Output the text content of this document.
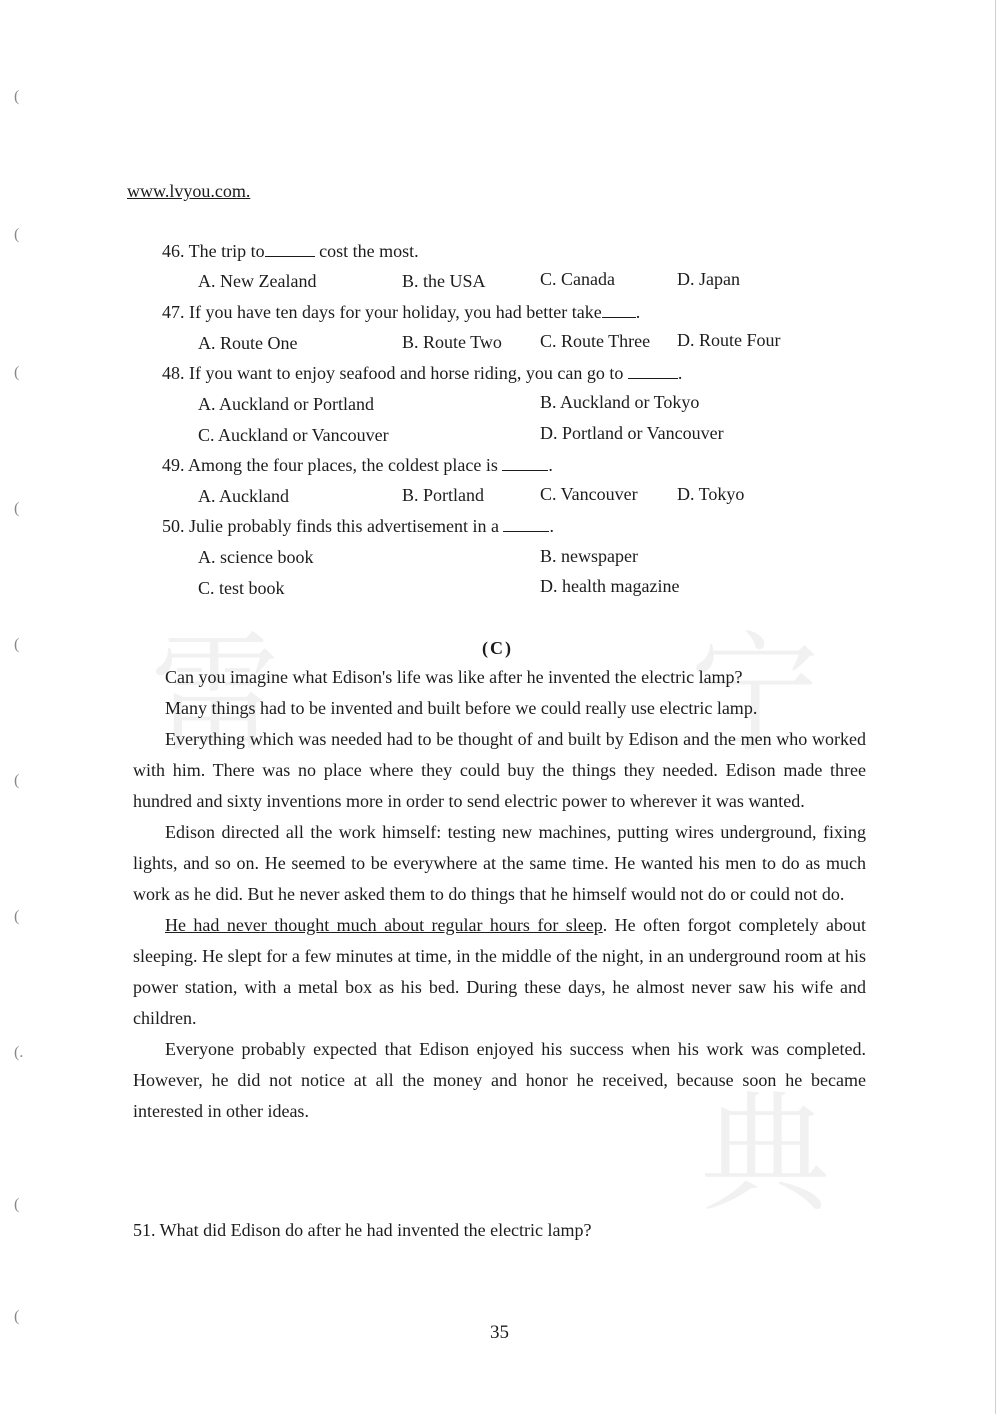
(
(
(
(
(
(
(
(.
(
(
雷	宁
典
www.lvyou.com.
46. The trip to	cost the most.
A. New Zealand	B. the USA	C. Canada	D. Japan
47. If you have ten days for your holiday, you had better take .
A. Route One	B. Route Two C. Route Three D. Route Four
48. If you want to enjoy seafood and horse riding, you can go to	.
A. Auckland or Portland	B. Auckland or Tokyo
C. Auckland or Vancouver	D. Portland or Vancouver
49. Among the four places, the coldest place is	.
A. Auckland	B. Portland	C. Vancouver D. Tokyo
50. Julie probably finds this advertisement in a	.
A. science book	B. newspaper
C. test book	D. health magazine
(C)

Can you imagine what Edison's life was like after he invented the electric lamp?

Many things had to be invented and built before we could really use electric lamp.

Everything which was needed had to be thought of and built by Edison and the men who worked with him. There was no place where they could buy the things they needed. Edison made three hundred and sixty inventions more in order to send electric power to wherever it was wanted.

Edison directed all the work himself: testing new machines, putting wires underground, fixing lights, and so on. He seemed to be everywhere at the same time. He wanted his men to do as much work as he did. But he never asked them to do things that he himself would not do or could not do.

He had never thought much about regular hours for sleep. He often forgot completely about sleeping. He slept for a few minutes at time, in the middle of the night, in an underground room at his power station, with a metal box as his bed. During these days, he almost never saw his wife and children.

Everyone probably expected that Edison enjoyed his success when his work was completed. However, he did not notice at all the money and honor he received, because soon he became interested in other ideas.

51. What did Edison do after he had invented the electric lamp?
35
